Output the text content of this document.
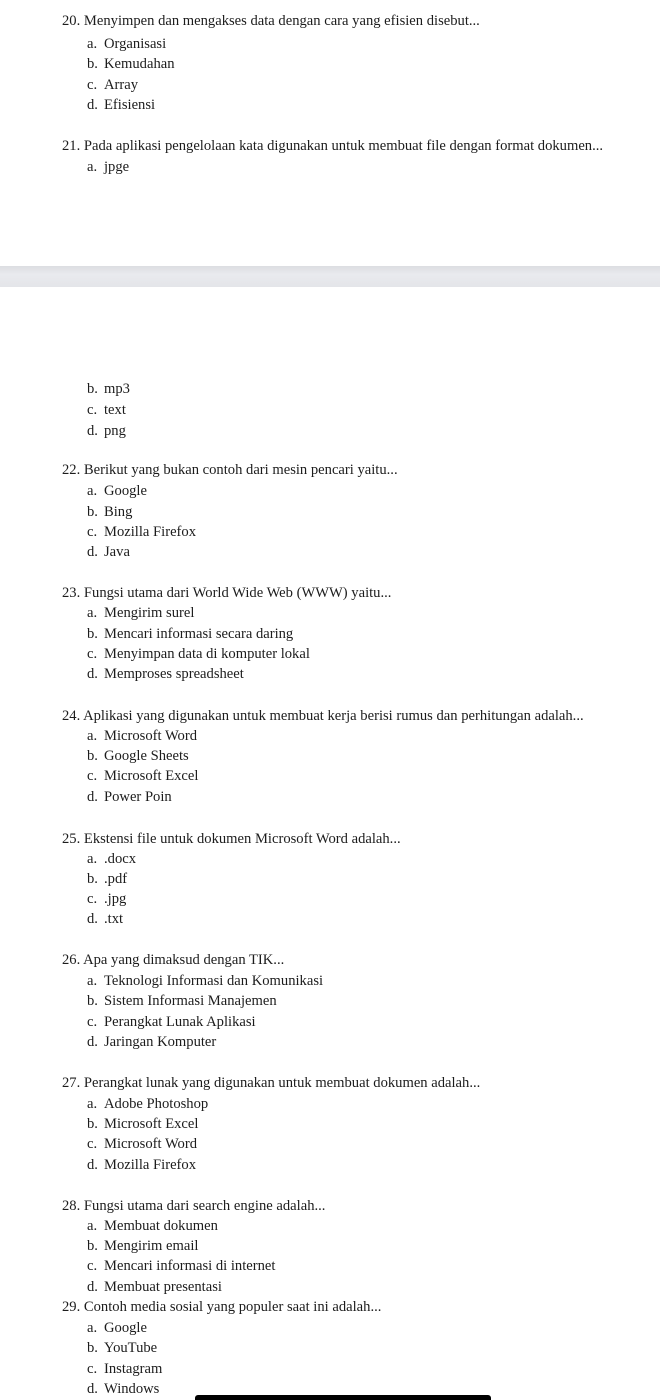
20. Menyimpen dan mengakses data dengan cara yang efisien disebut...

a. Organisasi

b. Kemudahan

c. Array

d. Efisiensi

21. Pada aplikasi pengelolaan kata digunakan untuk membuat file dengan format dokumen...

a. jpge

b. mp3

c. text

d. png

22. Berikut yang bukan contoh dari mesin pencari yaitu...

a. Google

b. Bing

c. Mozilla Firefox

d. Java

23. Fungsi utama dari World Wide Web (WWW) yaitu...

a. Mengirim surel

b. Mencari informasi secara daring

c. Menyimpan data di komputer lokal

d. Memproses spreadsheet

24. Aplikasi yang digunakan untuk membuat kerja berisi rumus dan perhitungan adalah...

a. Microsoft Word

b. Google Sheets

c. Microsoft Excel

d. Power Poin

25. Ekstensi file untuk dokumen Microsoft Word adalah...

a. .docx

b. .pdf

c. .jpg

d. .txt

26. Apa yang dimaksud dengan TIK...

a. Teknologi Informasi dan Komunikasi

b. Sistem Informasi Manajemen

c. Perangkat Lunak Aplikasi

d. Jaringan Komputer

27. Perangkat lunak yang digunakan untuk membuat dokumen adalah...

a. Adobe Photoshop

b. Microsoft Excel

c. Microsoft Word

d. Mozilla Firefox

28. Fungsi utama dari search engine adalah...

a. Membuat dokumen

b. Mengirim email

c. Mencari informasi di internet

d. Membuat presentasi

29. Contoh media sosial yang populer saat ini adalah...

a. Google

b. YouTube

c. Instagram

d. Windows
